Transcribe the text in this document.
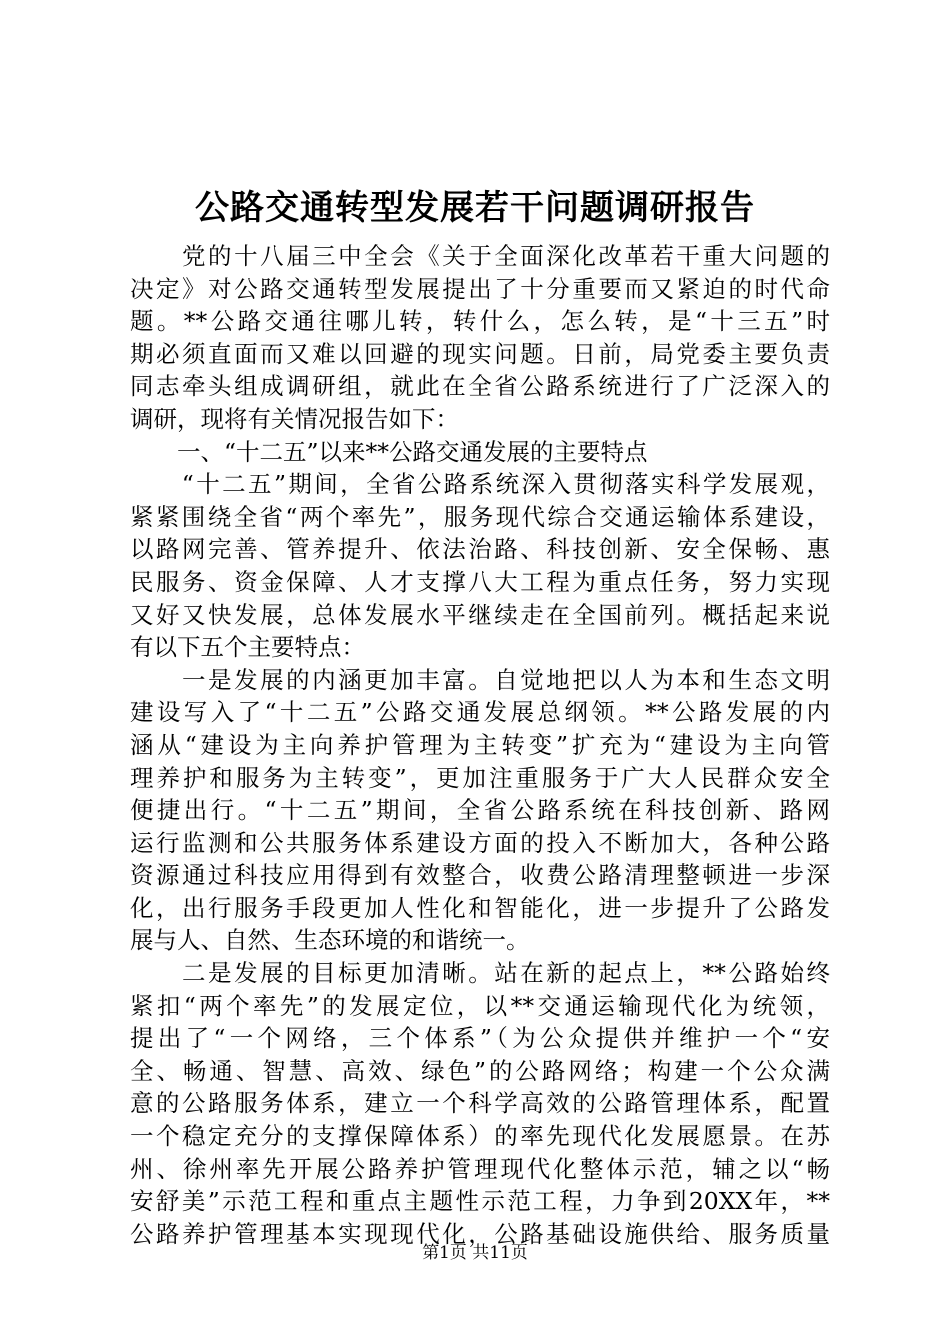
公路交通转型发展若干问题调研报告
　　党的十八届三中全会《关于全面深化改革若干重大问题的
决定》对公路交通转型发展提出了十分重要而又紧迫的时代命
题。**公路交通往哪儿转，转什么，怎么转，是“十三五”时
期必须直面而又难以回避的现实问题。日前，局党委主要负责
同志牵头组成调研组，就此在全省公路系统进行了广泛深入的
调研，现将有关情况报告如下：
　　一、“十二五”以来**公路交通发展的主要特点
　　“十二五”期间，全省公路系统深入贯彻落实科学发展观，
紧紧围绕全省“两个率先”，服务现代综合交通运输体系建设，
以路网完善、管养提升、依法治路、科技创新、安全保畅、惠
民服务、资金保障、人才支撑八大工程为重点任务，努力实现
又好又快发展，总体发展水平继续走在全国前列。概括起来说
有以下五个主要特点：
　　一是发展的内涵更加丰富。自觉地把以人为本和生态文明
建设写入了“十二五”公路交通发展总纲领。**公路发展的内
涵从“建设为主向养护管理为主转变”扩充为“建设为主向管
理养护和服务为主转变”，更加注重服务于广大人民群众安全
便捷出行。“十二五”期间，全省公路系统在科技创新、路网
运行监测和公共服务体系建设方面的投入不断加大，各种公路
资源通过科技应用得到有效整合，收费公路清理整顿进一步深
化，出行服务手段更加人性化和智能化，进一步提升了公路发
展与人、自然、生态环境的和谐统一。
　　二是发展的目标更加清晰。站在新的起点上，**公路始终
紧扣“两个率先”的发展定位，以**交通运输现代化为统领，
提出了“一个网络，三个体系”（为公众提供并维护一个“安
全、畅通、智慧、高效、绿色”的公路网络；构建一个公众满
意的公路服务体系，建立一个科学高效的公路管理体系，配置
一个稳定充分的支撑保障体系）的率先现代化发展愿景。在苏
州、徐州率先开展公路养护管理现代化整体示范，辅之以“畅
安舒美”示范工程和重点主题性示范工程，力争到20XX年，**
公路养护管理基本实现现代化，公路基础设施供给、服务质量
第1页 共11页
